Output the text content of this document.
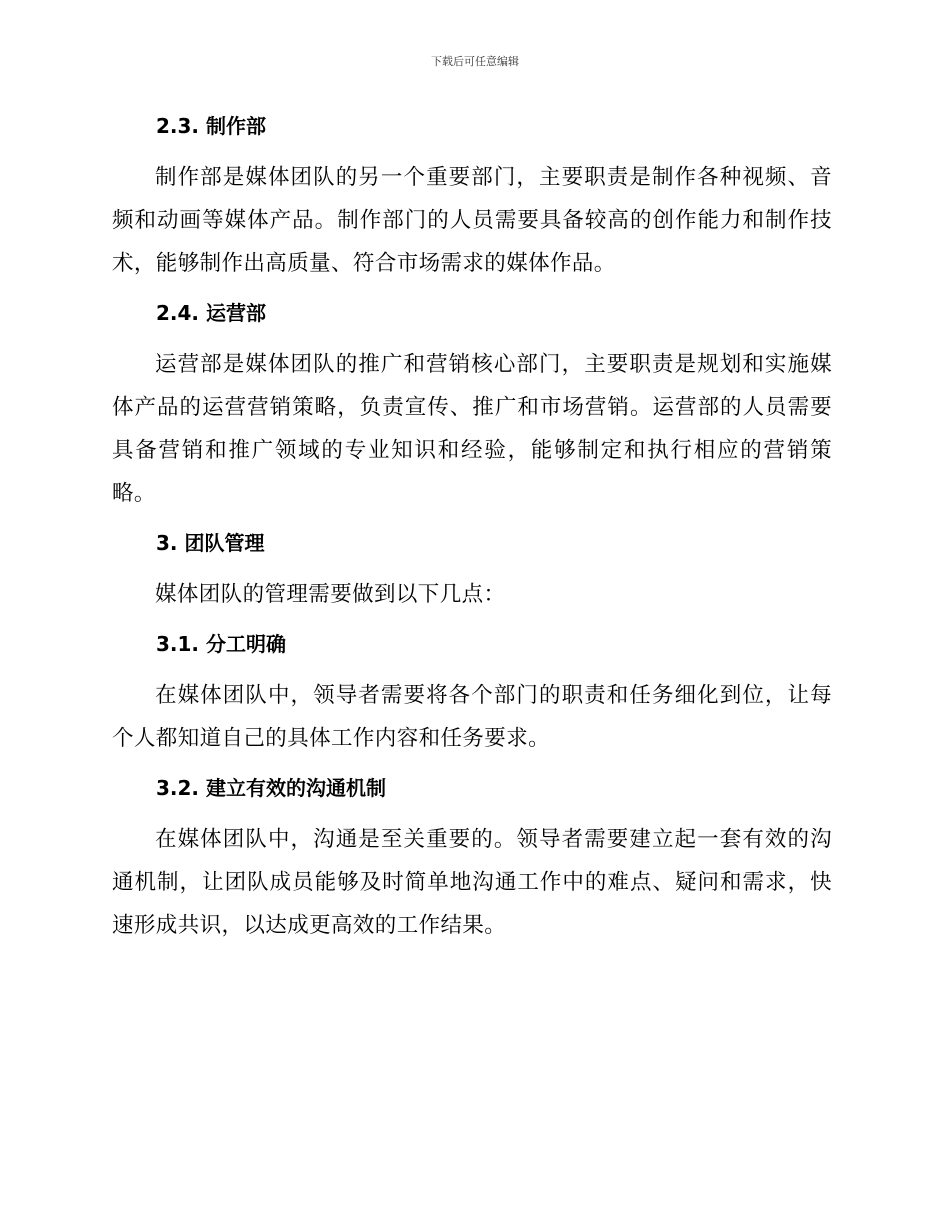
下载后可任意编辑
2.3. 制作部

制作部是媒体团队的另一个重要部门，主要职责是制作各种视频、音频和动画等媒体产品。制作部门的人员需要具备较高的创作能力和制作技术，能够制作出高质量、符合市场需求的媒体作品。

2.4. 运营部

运营部是媒体团队的推广和营销核心部门，主要职责是规划和实施媒体产品的运营营销策略，负责宣传、推广和市场营销。运营部的人员需要具备营销和推广领域的专业知识和经验，能够制定和执行相应的营销策略。

3. 团队管理

媒体团队的管理需要做到以下几点：

3.1. 分工明确

在媒体团队中，领导者需要将各个部门的职责和任务细化到位，让每个人都知道自己的具体工作内容和任务要求。

3.2. 建立有效的沟通机制

在媒体团队中，沟通是至关重要的。领导者需要建立起一套有效的沟通机制，让团队成员能够及时简单地沟通工作中的难点、疑问和需求，快速形成共识，以达成更高效的工作结果。
